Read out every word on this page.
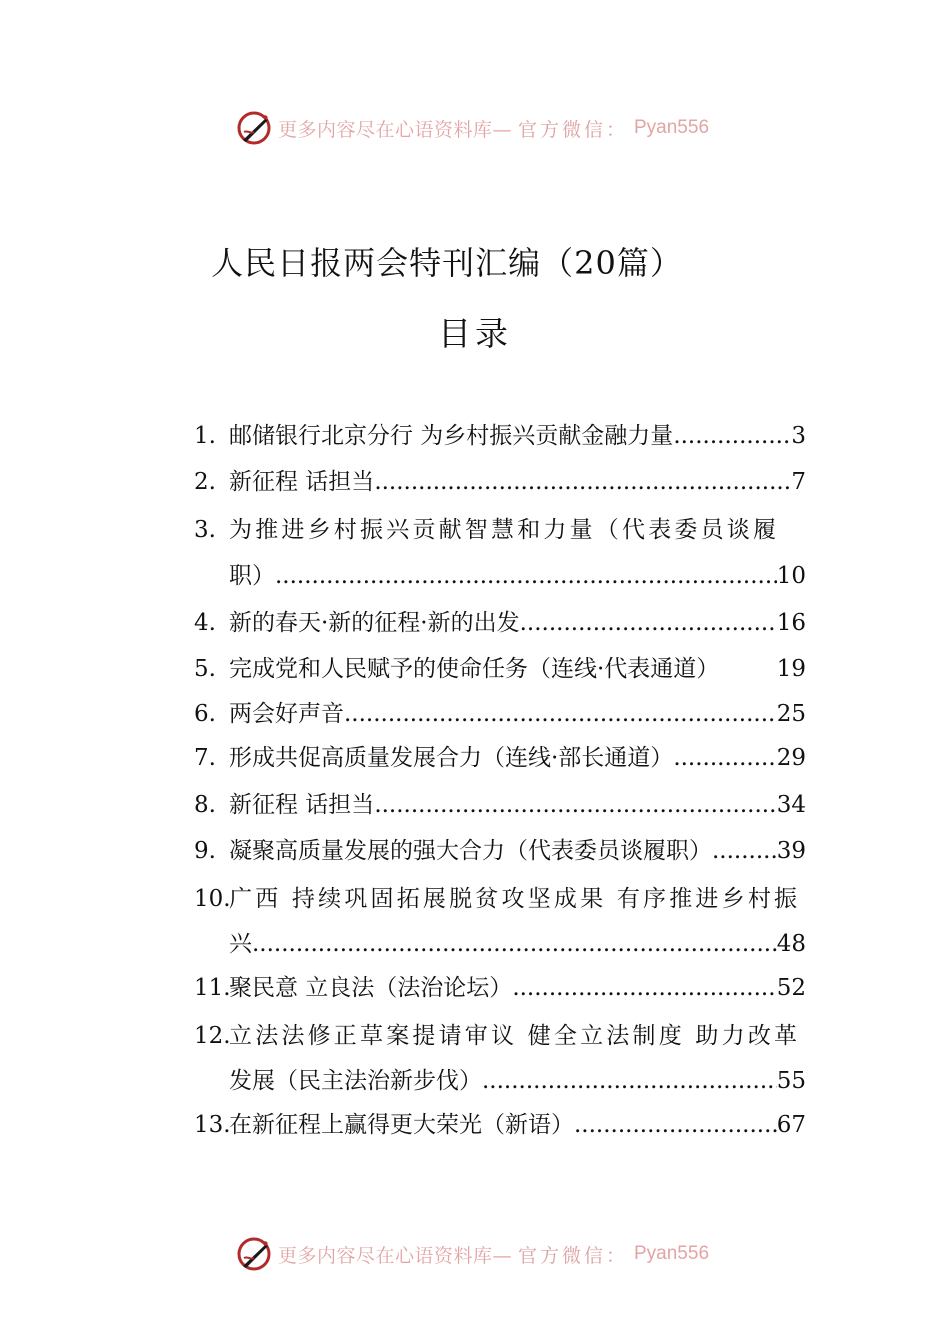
更多内容尽在心语资料库— 官方微信： Pyan556
人民日报两会特刊汇编（20篇）
目录
1. 邮储银行北京分行 为乡村振兴贡献金融力量 .....	3
2. 新征程 话担当 .....	7
3. 为推进乡村振兴贡献智慧和力量（代表委员谈履
职） .....	10
4. 新的春天·新的征程·新的出发 .....	16
5. 完成党和人民赋予的使命任务（连线·代表通道） 19
6. 两会好声音 .....	25
7. 形成共促高质量发展合力（连线·部长通道） .....	29
8. 新征程 话担当 .....	34
9. 凝聚高质量发展的强大合力（代表委员谈履职） .....	39
10.
广西 持续巩固拓展脱贫攻坚成果 有序推进乡村振
兴 .....	48
11.
聚民意 立良法（法治论坛） .....	52
12.
立法法修正草案提请审议 健全立法制度 助力改革
发展（民主法治新步伐） .....	55
13.
在新征程上赢得更大荣光（新语） .....	67
更多内容尽在心语资料库— 官方微信： Pyan556
